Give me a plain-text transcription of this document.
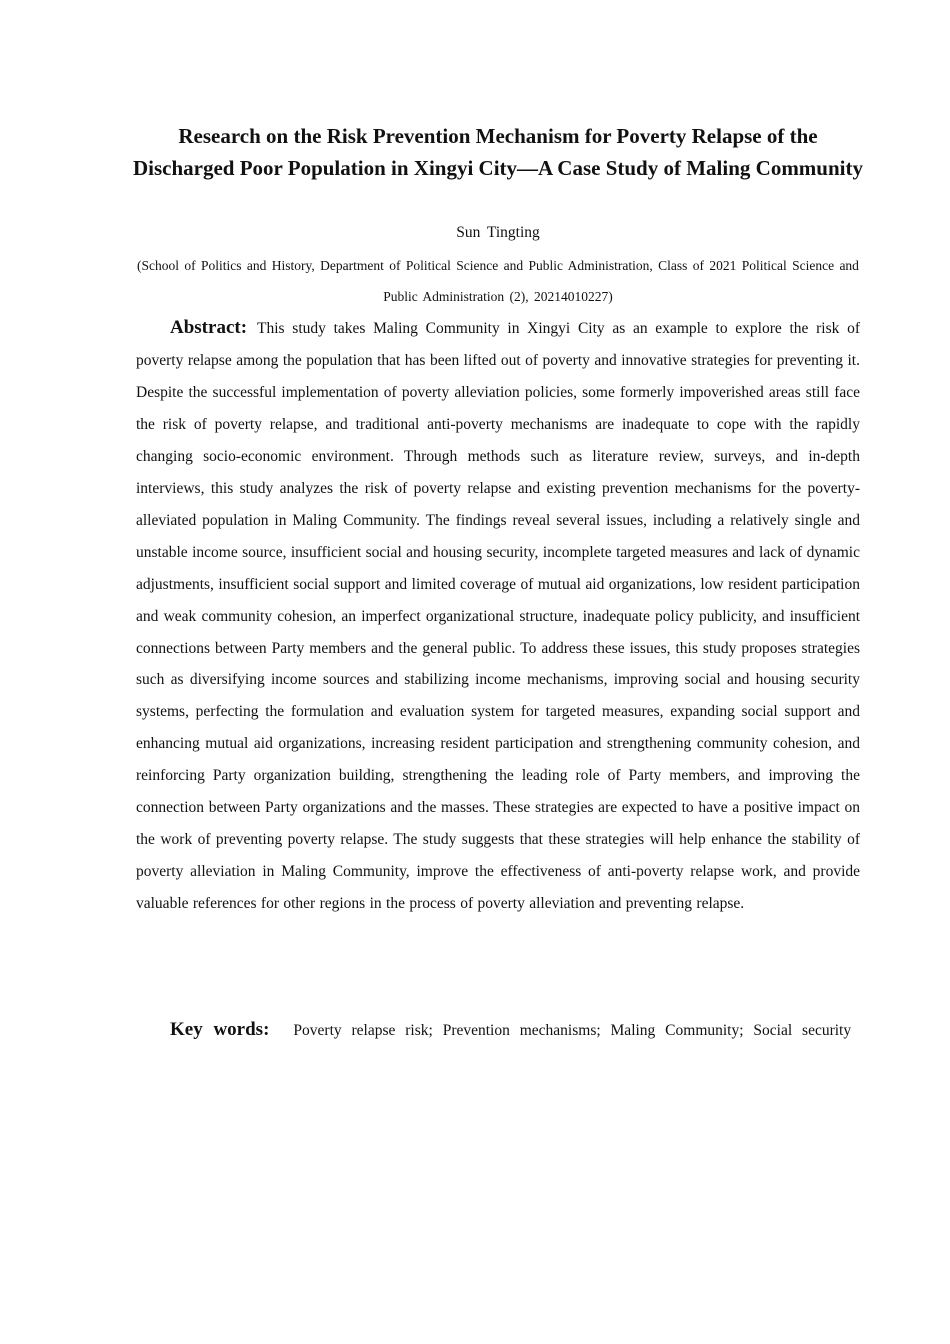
Research on the Risk Prevention Mechanism for Poverty Relapse of the Discharged Poor Population in Xingyi City—A Case Study of Maling Community
Sun Tingting
(School of Politics and History, Department of Political Science and Public Administration, Class of 2021 Political Science and Public Administration (2), 20214010227)

Abstract: This study takes Maling Community in Xingyi City as an example to explore the risk of poverty relapse among the population that has been lifted out of poverty and innovative strategies for preventing it. Despite the successful implementation of poverty alleviation policies, some formerly impoverished areas still face the risk of poverty relapse, and traditional anti-poverty mechanisms are inadequate to cope with the rapidly changing socio-economic environment. Through methods such as literature review, surveys, and in-depth interviews, this study analyzes the risk of poverty relapse and existing prevention mechanisms for the poverty-alleviated population in Maling Community. The findings reveal several issues, including a relatively single and unstable income source, insufficient social and housing security, incomplete targeted measures and lack of dynamic adjustments, insufficient social support and limited coverage of mutual aid organizations, low resident participation and weak community cohesion, an imperfect organizational structure, inadequate policy publicity, and insufficient connections between Party members and the general public. To address these issues, this study proposes strategies such as diversifying income sources and stabilizing income mechanisms, improving social and housing security systems, perfecting the formulation and evaluation system for targeted measures, expanding social support and enhancing mutual aid organizations, increasing resident participation and strengthening community cohesion, and reinforcing Party organization building, strengthening the leading role of Party members, and improving the connection between Party organizations and the masses. These strategies are expected to have a positive impact on the work of preventing poverty relapse. The study suggests that these strategies will help enhance the stability of poverty alleviation in Maling Community, improve the effectiveness of anti-poverty relapse work, and provide valuable references for other regions in the process of poverty alleviation and preventing relapse.

Key words: Poverty relapse risk; Prevention mechanisms; Maling Community; Social security
